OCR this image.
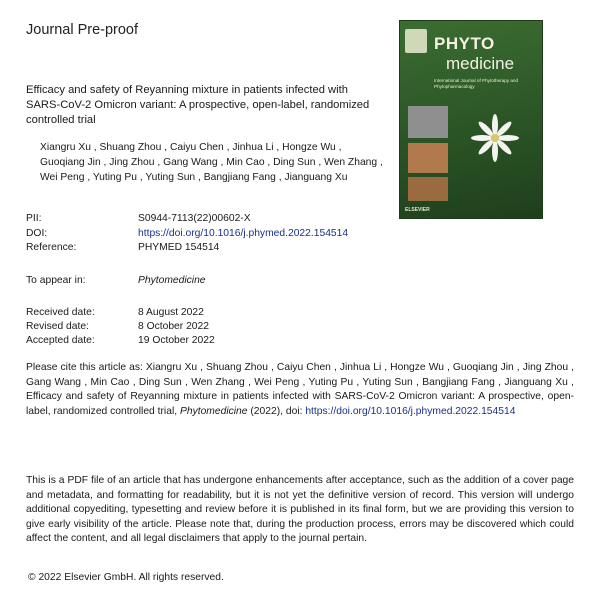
Journal Pre-proof
PHYTO
medicine
International Journal of Phytotherapy and Phytopharmacology
ELSEVIER
Efficacy and safety of Reyanning mixture in patients infected with SARS-CoV-2 Omicron variant: A prospective, open-label, randomized controlled trial
Xiangru Xu , Shuang Zhou , Caiyu Chen , Jinhua Li , Hongze Wu , Guoqiang Jin , Jing Zhou , Gang Wang , Min Cao , Ding Sun , Wen Zhang , Wei Peng , Yuting Pu , Yuting Sun , Bangjiang Fang , Jianguang Xu
PII:	S0944-7113(22)00602-X
DOI:	https://doi.org/10.1016/j.phymed.2022.154514
Reference:	PHYMED 154514
To appear in:	Phytomedicine
Received date:	8 August 2022
Revised date:	8 October 2022
Accepted date:	19 October 2022
Please cite this article as: Xiangru Xu , Shuang Zhou , Caiyu Chen , Jinhua Li , Hongze Wu , Guoqiang Jin , Jing Zhou , Gang Wang , Min Cao , Ding Sun , Wen Zhang , Wei Peng , Yuting Pu , Yuting Sun , Bangjiang Fang , Jianguang Xu , Efficacy and safety of Reyanning mixture in patients infected with SARS-CoV-2 Omicron variant: A prospective, open-label, randomized controlled trial, Phytomedicine (2022), doi: https://doi.org/10.1016/j.phymed.2022.154514
This is a PDF file of an article that has undergone enhancements after acceptance, such as the addition of a cover page and metadata, and formatting for readability, but it is not yet the definitive version of record. This version will undergo additional copyediting, typesetting and review before it is published in its final form, but we are providing this version to give early visibility of the article. Please note that, during the production process, errors may be discovered which could affect the content, and all legal disclaimers that apply to the journal pertain.
© 2022 Elsevier GmbH. All rights reserved.
